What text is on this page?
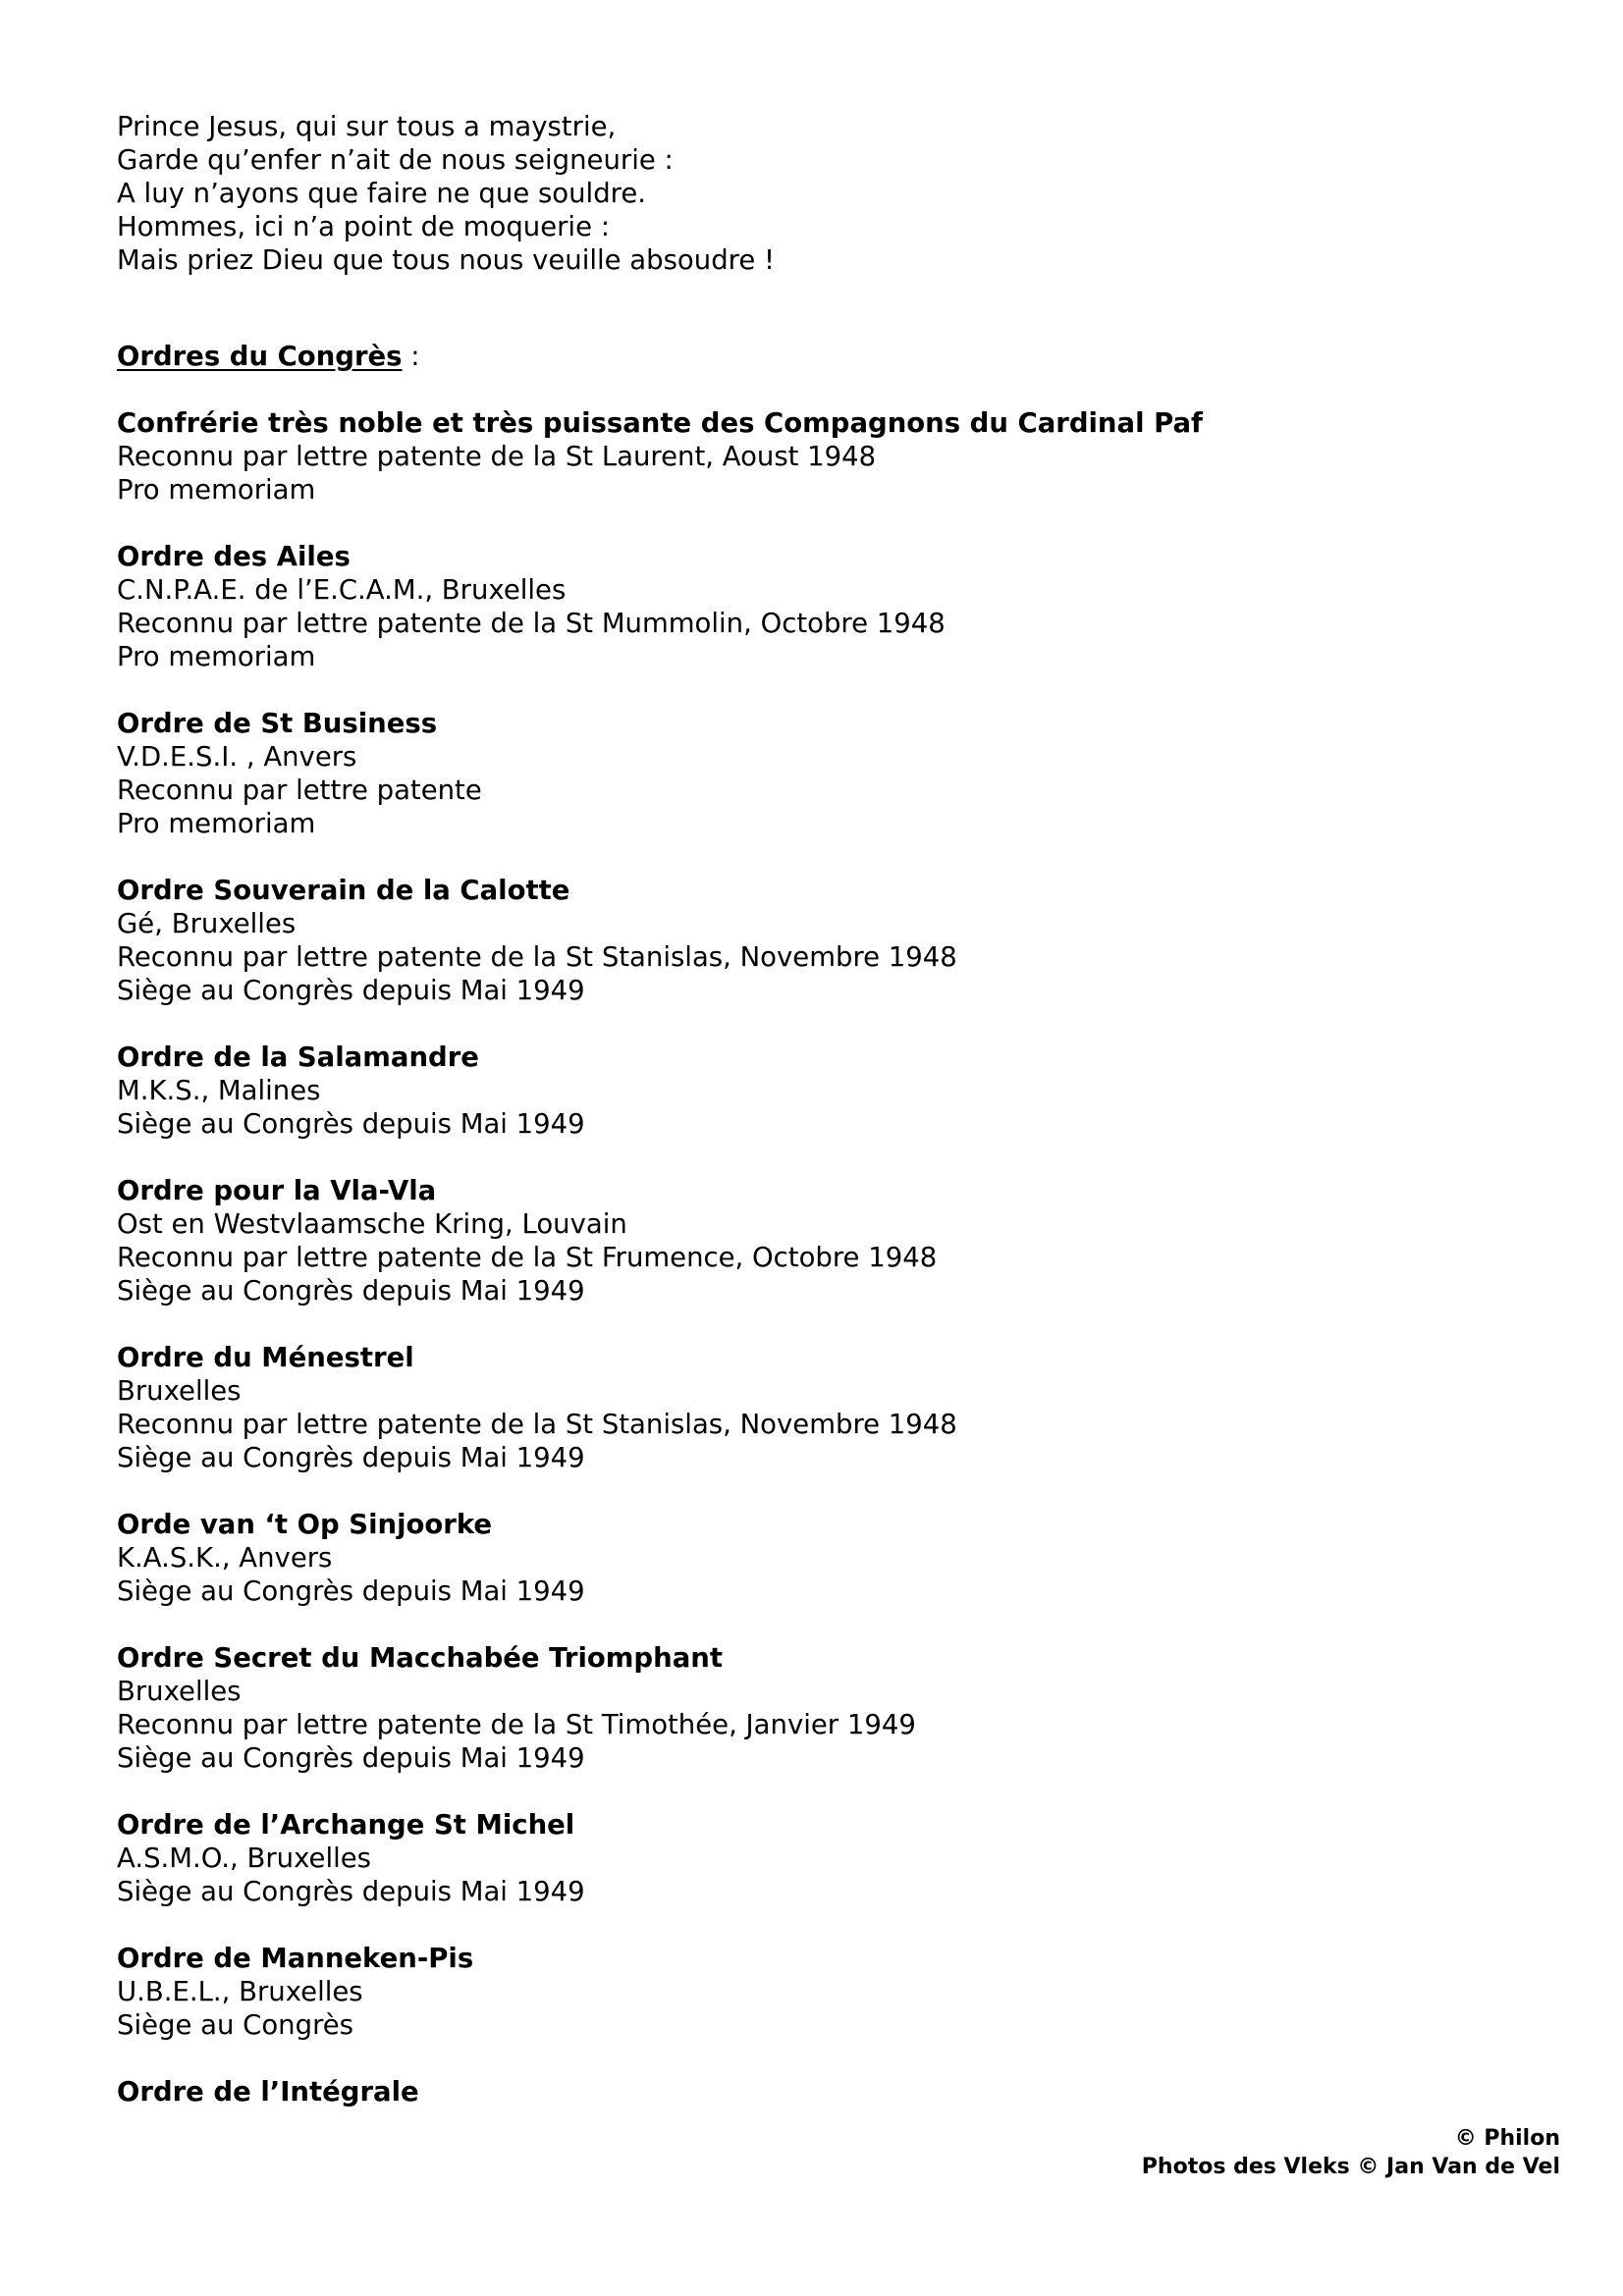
Prince Jesus, qui sur tous a maystrie,
Garde qu’enfer n’ait de nous seigneurie :
A luy n’ayons que faire ne que souldre.
Hommes, ici n’a point de moquerie :
Mais priez Dieu que tous nous veuille absoudre !
Ordres du Congrès :
Confrérie très noble et très puissante des Compagnons du Cardinal Paf
Reconnu par lettre patente de la St Laurent, Aoust 1948
Pro memoriam
Ordre des Ailes
C.N.P.A.E. de l’E.C.A.M., Bruxelles
Reconnu par lettre patente de la St Mummolin, Octobre 1948
Pro memoriam
Ordre de St Business
V.D.E.S.I. , Anvers
Reconnu par lettre patente
Pro memoriam
Ordre Souverain de la Calotte
Gé, Bruxelles
Reconnu par lettre patente de la St Stanislas, Novembre 1948
Siège au Congrès depuis Mai 1949
Ordre de la Salamandre
M.K.S., Malines
Siège au Congrès depuis Mai 1949
Ordre pour la Vla-Vla
Ost en Westvlaamsche Kring, Louvain
Reconnu par lettre patente de la St Frumence, Octobre 1948
Siège au Congrès depuis Mai 1949
Ordre du Ménestrel
Bruxelles
Reconnu par lettre patente de la St Stanislas, Novembre 1948
Siège au Congrès depuis Mai 1949
Orde van ‘t Op Sinjoorke
K.A.S.K., Anvers
Siège au Congrès depuis Mai 1949
Ordre Secret du Macchabée Triomphant
Bruxelles
Reconnu par lettre patente de la St Timothée, Janvier 1949
Siège au Congrès depuis Mai 1949
Ordre de l’Archange St Michel
A.S.M.O., Bruxelles
Siège au Congrès depuis Mai 1949
Ordre de Manneken-Pis
U.B.E.L., Bruxelles
Siège au Congrès
Ordre de l’Intégrale
© Philon
Photos des Vleks © Jan Van de Vel
